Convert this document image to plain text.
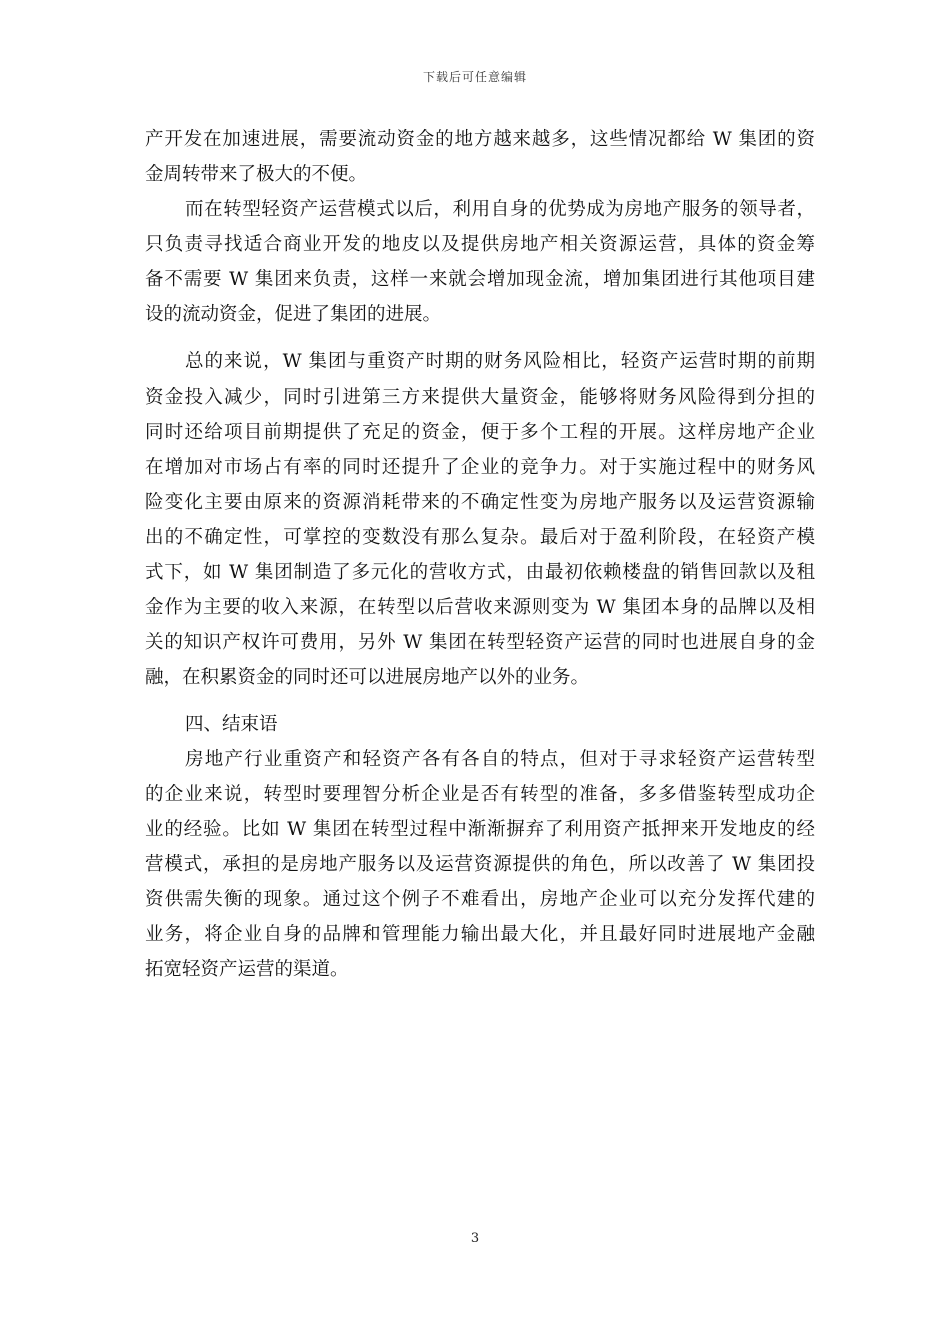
下载后可任意编辑
产开发在加速进展，需要流动资金的地方越来越多，这些情况都给 W 集团的资
金周转带来了极大的不便。
而在转型轻资产运营模式以后，利用自身的优势成为房地产服务的领导者，
只负责寻找适合商业开发的地皮以及提供房地产相关资源运营，具体的资金筹
备不需要 W 集团来负责，这样一来就会增加现金流，增加集团进行其他项目建
设的流动资金，促进了集团的进展。
总的来说，W 集团与重资产时期的财务风险相比，轻资产运营时期的前期
资金投入减少，同时引进第三方来提供大量资金，能够将财务风险得到分担的
同时还给项目前期提供了充足的资金，便于多个工程的开展。这样房地产企业
在增加对市场占有率的同时还提升了企业的竞争力。对于实施过程中的财务风
险变化主要由原来的资源消耗带来的不确定性变为房地产服务以及运营资源输
出的不确定性，可掌控的变数没有那么复杂。最后对于盈利阶段，在轻资产模
式下，如 W 集团制造了多元化的营收方式，由最初依赖楼盘的销售回款以及租
金作为主要的收入来源，在转型以后营收来源则变为 W 集团本身的品牌以及相
关的知识产权许可费用，另外 W 集团在转型轻资产运营的同时也进展自身的金
融，在积累资金的同时还可以进展房地产以外的业务。
四、结束语
房地产行业重资产和轻资产各有各自的特点，但对于寻求轻资产运营转型
的企业来说，转型时要理智分析企业是否有转型的准备，多多借鉴转型成功企
业的经验。比如 W 集团在转型过程中渐渐摒弃了利用资产抵押来开发地皮的经
营模式，承担的是房地产服务以及运营资源提供的角色，所以改善了 W 集团投
资供需失衡的现象。通过这个例子不难看出，房地产企业可以充分发挥代建的
业务，将企业自身的品牌和管理能力输出最大化，并且最好同时进展地产金融
拓宽轻资产运营的渠道。
3
